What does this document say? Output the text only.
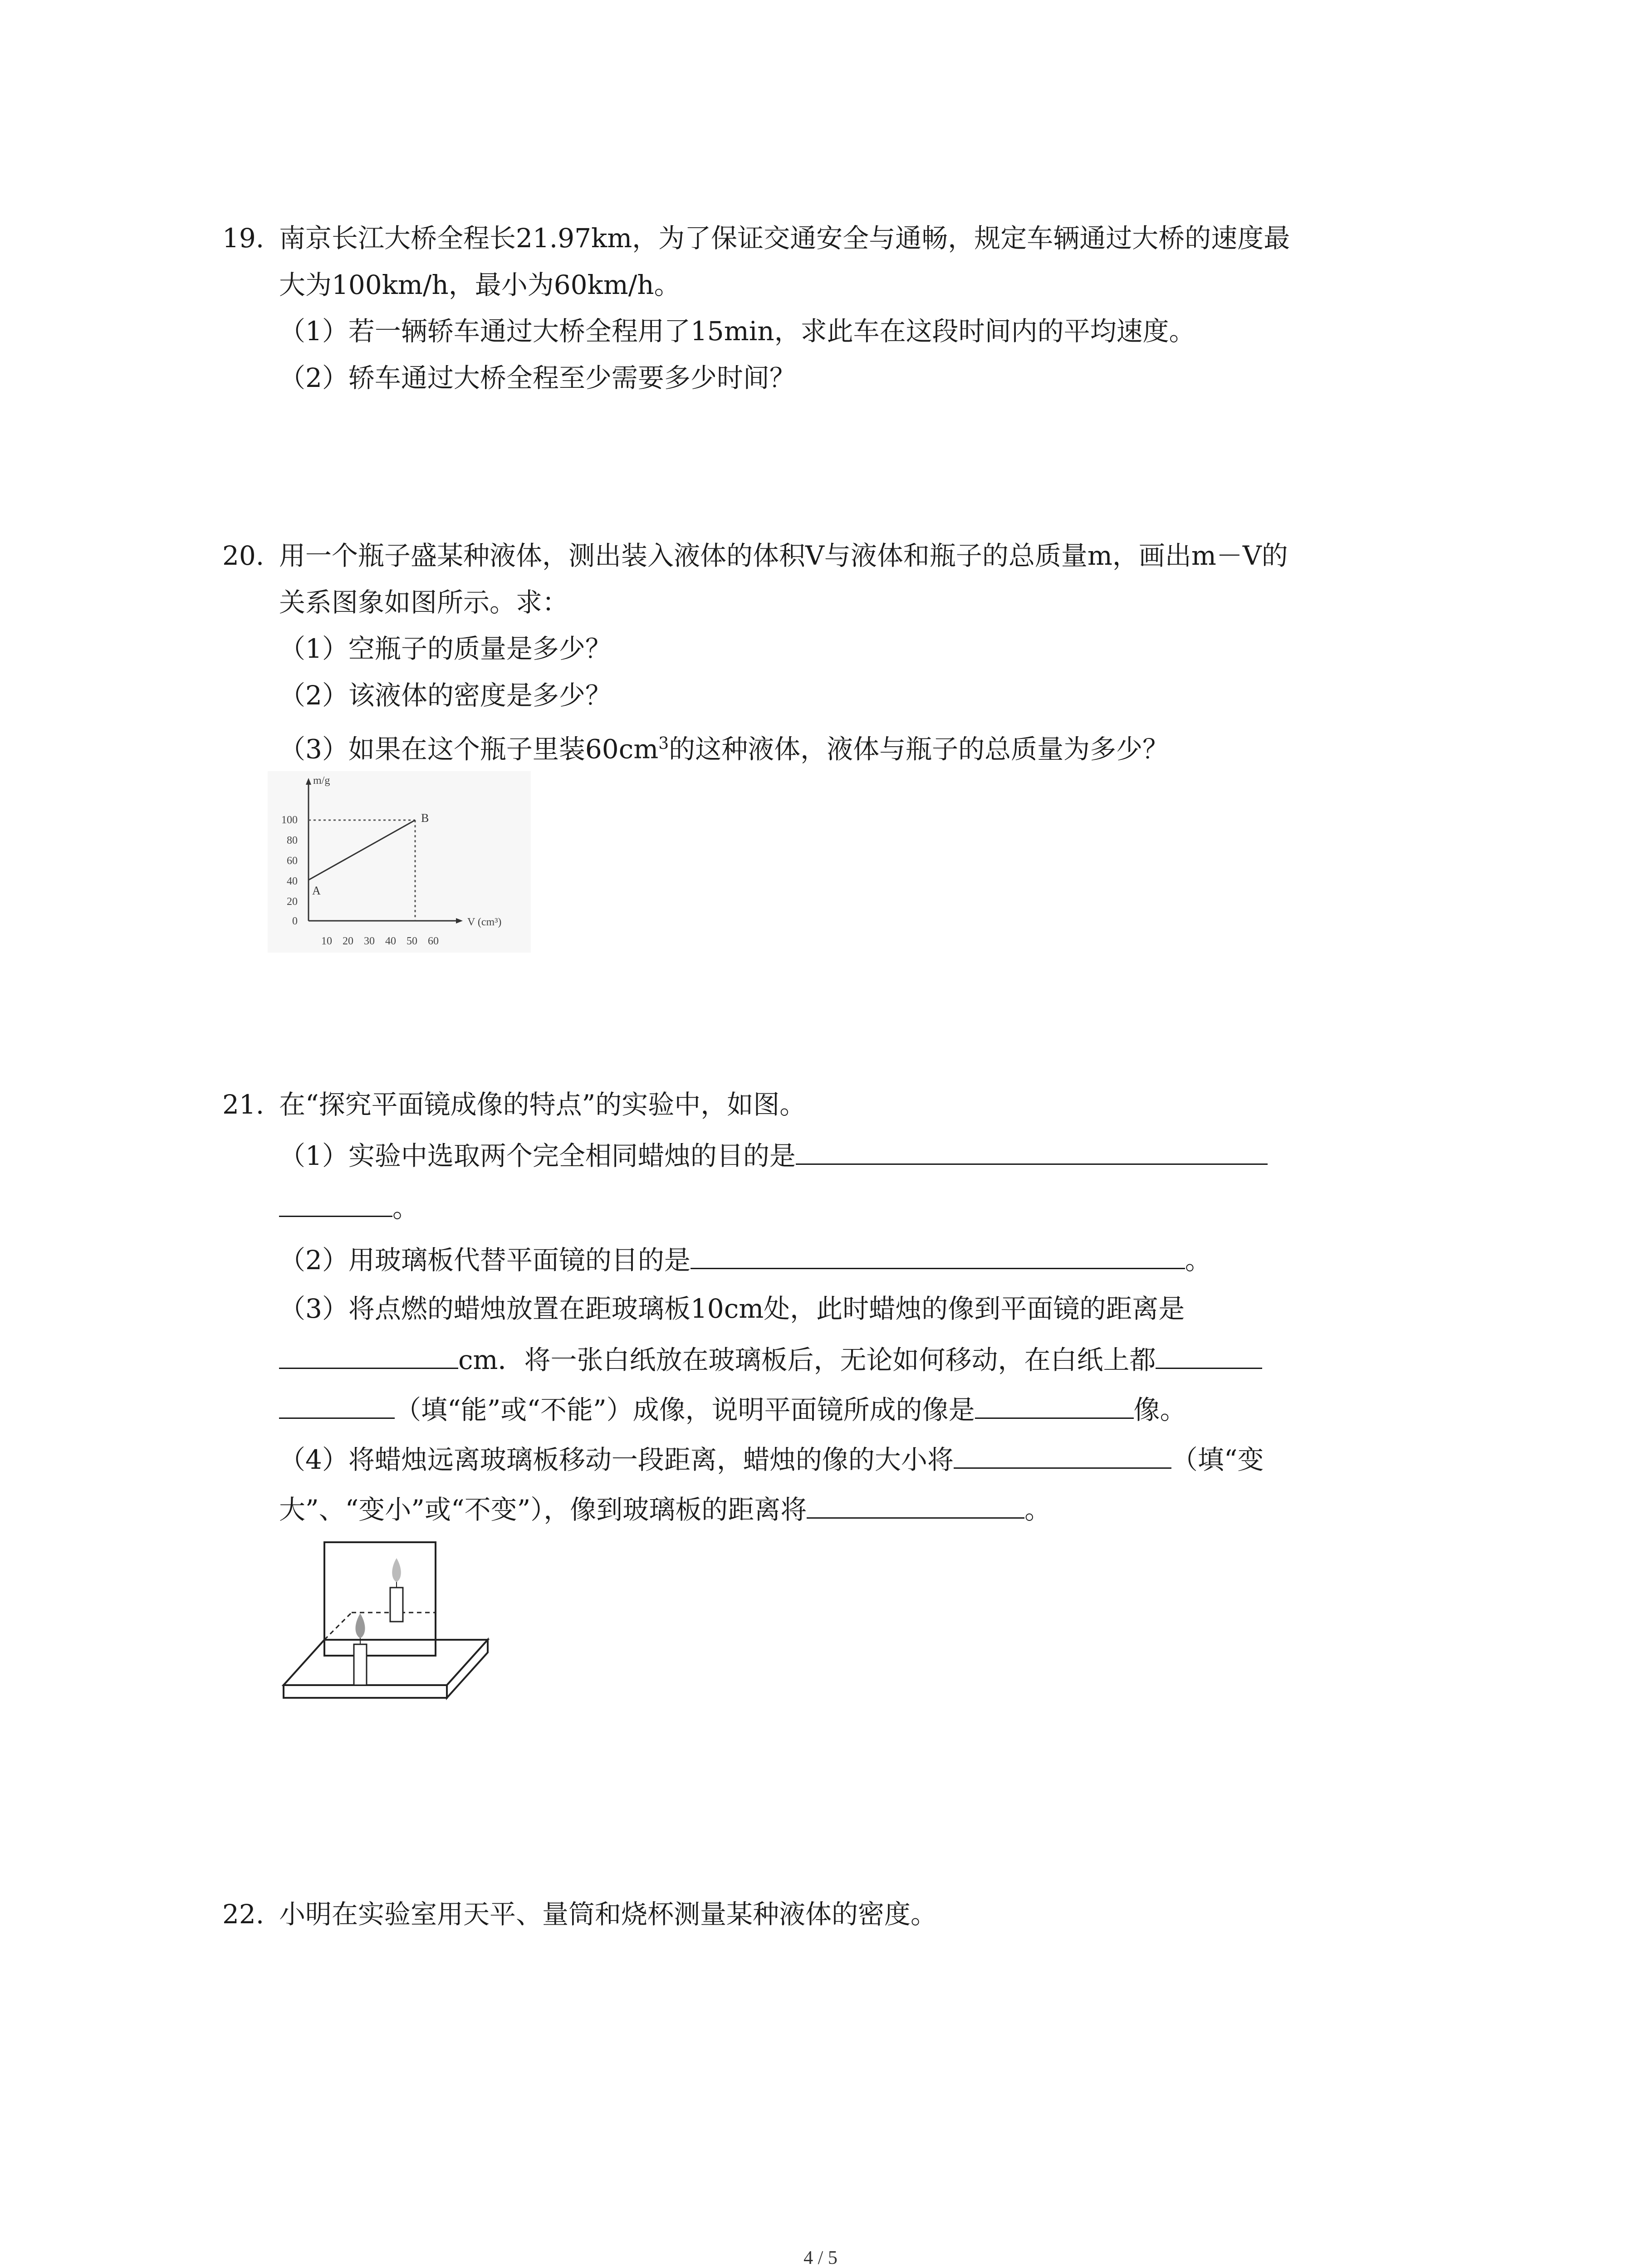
19. 南京长江大桥全程长21.97km，为了保证交通安全与通畅，规定车辆通过大桥的速度最
大为100km/h，最小为60km/h。
（1）若一辆轿车通过大桥全程用了15min，求此车在这段时间内的平均速度。
（2）轿车通过大桥全程至少需要多少时间？
20. 用一个瓶子盛某种液体，测出装入液体的体积V与液体和瓶子的总质量m，画出m－V的
关系图象如图所示。求：
（1）空瓶子的质量是多少？
（2）该液体的密度是多少？
（3）如果在这个瓶子里装$60cm^3$的这种液体，液体与瓶子的总质量为多少？
m/g
V (cm³)
100
80
60
40
20
0
10 20 30 40 50 60
A
B
21. 在“探究平面镜成像的特点”的实验中，如图。
（1）实验中选取两个完全相同蜡烛的目的是
。
（2）用玻璃板代替平面镜的目的是	。
（3）将点燃的蜡烛放置在距玻璃板10cm处，此时蜡烛的像到平面镜的距离是
cm．将一张白纸放在玻璃板后，无论如何移动，在白纸上都
（填“能”或“不能”）成像，说明平面镜所成的像是	像。
（4）将蜡烛远离玻璃板移动一段距离，蜡烛的像的大小将	（填“变
大”、“变小”或“不变”），像到玻璃板的距离将	。
22. 小明在实验室用天平、量筒和烧杯测量某种液体的密度。
4 / 5
